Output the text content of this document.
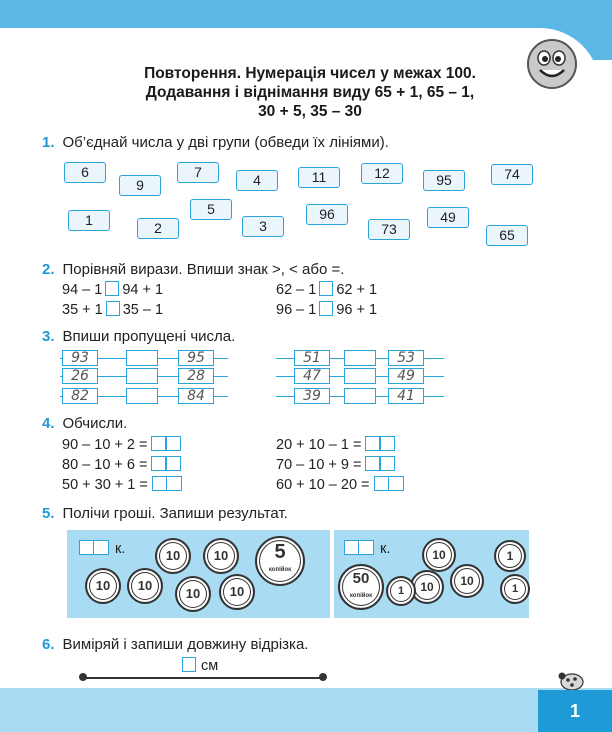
Повторення. Нумерація чисел у межах 100.
Додавання і віднімання виду 65 + 1, 65 – 1,
30 + 5, 35 – 30
1. Об’єднай числа у дві групи (обведи їх лініями).
6
9
7	4	11	12	95	74
1	2
5
3
96
73
49
65
2. Порівняй вирази. Впиши знак >, < або =.
94 – 1 94 + 1
35 + 1 35 – 1
62 – 1 62 + 1
96 – 1 96 + 1
3. Впиши пропущені числа.
93	95
26	28
82	84
51	53
47	49
39	41
4. Обчисли.
90 – 10 + 2 =
80 – 10 + 6 =
50 + 30 + 1 =
20 + 10 – 1 =
70 – 10 + 9 =
60 + 10 – 20 =
5. Полічи гроші. Запиши результат.
к.	10	10
10	10
10	10
5
копійок
к.	10	1
50
копійок
10	10
1	1
6. Виміряй і запиши довжину відрізка.
см
1
